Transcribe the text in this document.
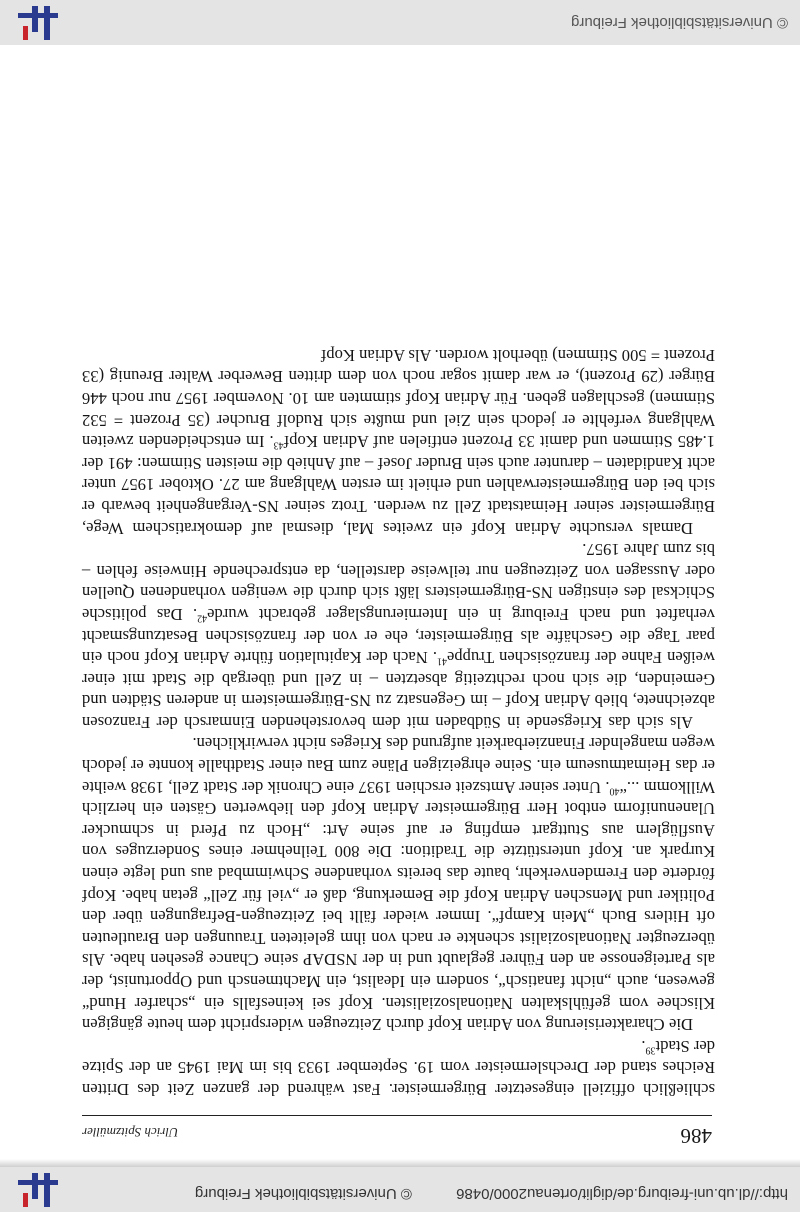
http://dl.ub.uni-freiburg.de/diglit/ortenau2000/0486 © Universitätsbibliothek Freiburg
486
Ulrich Spitzmüller

schließlich offiziell eingesetzter Bürgermeister. Fast während der ganzen Zeit des Dritten Reiches stand der Drechslermeister vom 19. September 1933 bis im Mai 1945 an der Spitze der Stadt$^{39}$.

Die Charakterisierung von Adrian Kopf durch Zeitzeugen widerspricht dem heute gängigen Klischee vom gefühlskalten Nationalsozialisten. Kopf sei keinesfalls ein „scharfer Hund“ gewesen, auch „nicht fanatisch“, sondern ein Idealist, ein Machtmensch und Opportunist, der als Parteigenosse an den Führer geglaubt und in der NSDAP seine Chance gesehen habe. Als überzeugter Nationalsozialist schenkte er nach von ihm geleiteten Trauungen den Brautleuten oft Hitlers Buch „Mein Kampf“. Immer wieder fällt bei Zeitzeugen-Befragungen über den Politiker und Menschen Adrian Kopf die Bemerkung, daß er „viel für Zell“ getan habe. Kopf förderte den Fremdenverkehr, baute das bereits vorhandene Schwimmbad aus und legte einen Kurpark an. Kopf unterstützte die Tradition: Die 800 Teilnehmer eines Sonderzuges von Ausflüglern aus Stuttgart empfing er auf seine Art: „Hoch zu Pferd in schmucker Ulanenuniform entbot Herr Bürgermeister Adrian Kopf den liebwerten Gästen ein herzlich Willkomm ...“$^{40}$. Unter seiner Amtszeit erschien 1937 eine Chronik der Stadt Zell, 1938 weihte er das Heimatmuseum ein. Seine ehrgeizigen Pläne zum Bau einer Stadthalle konnte er jedoch wegen mangelnder Finanzierbarkeit aufgrund des Krieges nicht verwirklichen.

Als sich das Kriegsende in Südbaden mit dem bevorstehenden Einmarsch der Franzosen abzeichnete, blieb Adrian Kopf – im Gegensatz zu NS-Bürgermeistern in anderen Städten und Gemeinden, die sich noch rechtzeitig absetzten – in Zell und übergab die Stadt mit einer weißen Fahne der französischen Truppe$^{41}$. Nach der Kapitulation führte Adrian Kopf noch ein paar Tage die Geschäfte als Bürgermeister, ehe er von der französischen Besatzungsmacht verhaftet und nach Freiburg in ein Internierungslager gebracht wurde$^{42}$. Das politische Schicksal des einstigen NS-Bürgermeisters läßt sich durch die wenigen vorhandenen Quellen oder Aussagen von Zeitzeugen nur teilweise darstellen, da entsprechende Hinweise fehlen – bis zum Jahre 1957.

Damals versuchte Adrian Kopf ein zweites Mal, diesmal auf demokratischem Wege, Bürgermeister seiner Heimatstadt Zell zu werden. Trotz seiner NS-Vergangenheit bewarb er sich bei den Bürgermeisterwahlen und erhielt im ersten Wahlgang am 27. Oktober 1957 unter acht Kandidaten – darunter auch sein Bruder Josef – auf Anhieb die meisten Stimmen: 491 der 1.485 Stimmen und damit 33 Prozent entfielen auf Adrian Kopf$^{43}$. Im entscheidenden zweiten Wahlgang verfehlte er jedoch sein Ziel und mußte sich Rudolf Brucher (35 Prozent = 532 Stimmen) geschlagen geben. Für Adrian Kopf stimmten am 10. November 1957 nur noch 446 Bürger (29 Prozent), er war damit sogar noch von dem dritten Bewerber Walter Breunig (33 Prozent = 500 Stimmen) überholt worden. Als Adrian Kopf

© Universitätsbibliothek Freiburg
